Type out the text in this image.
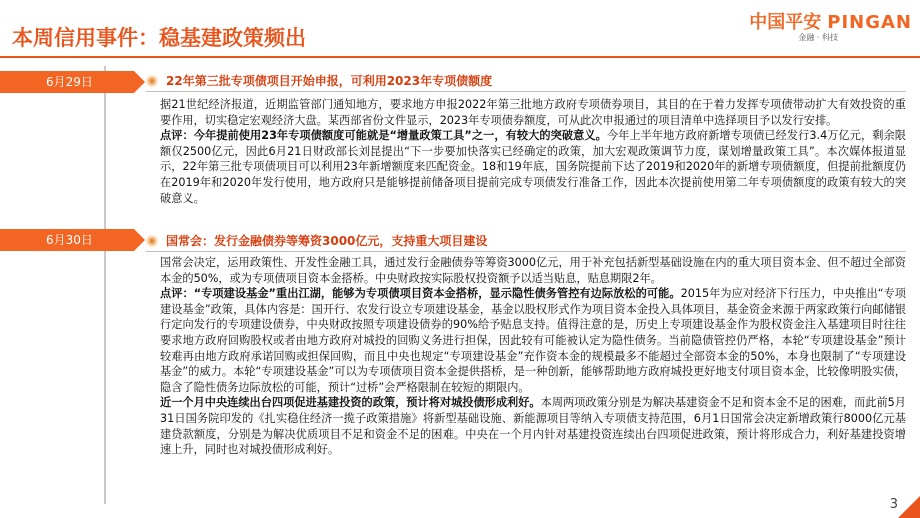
本周信用事件：稳基建政策频出
中国平安 PINGAN
金融 · 科技
6月29日
6月30日
22年第三批专项债项目开始申报，可利用2023年专项债额度

据21世纪经济报道，近期监管部门通知地方，要求地方申报2022年第三批地方政府专项债券项目，其目的在于着力发挥专项债带动扩大有效投资的重要作用，切实稳定宏观经济大盘。某西部省份文件显示，2023年专项债券额度，可从此次申报通过的项目清单中选择项目予以发行安排。

点评：今年提前使用23年专项债额度可能就是“增量政策工具”之一，有较大的突破意义。今年上半年地方政府新增专项债已经发行3.4万亿元，剩余限额仅2500亿元，因此6月21日财政部长刘昆提出“下一步要加快落实已经确定的政策，加大宏观政策调节力度，谋划增量政策工具”。本次媒体报道显示，22年第三批专项债项目可以利用23年新增额度来匹配资金。18和19年底，国务院提前下达了2019和2020年的新增专项债额度，但提前批额度仍在2019年和2020年发行使用，地方政府只是能够提前储备项目提前完成专项债发行准备工作，因此本次提前使用第二年专项债额度的政策有较大的突破意义。

国常会：发行金融债券等筹资3000亿元，支持重大项目建设

国常会决定，运用政策性、开发性金融工具，通过发行金融债券等筹资3000亿元，用于补充包括新型基础设施在内的重大项目资本金、但不超过全部资本金的50%，或为专项债项目资本金搭桥。中央财政按实际股权投资额予以适当贴息，贴息期限2年。

点评：“专项建设基金”重出江湖，能够为专项债项目资本金搭桥，显示隐性债务管控有边际放松的可能。2015年为应对经济下行压力，中央推出“专项建设基金”政策，具体内容是：国开行、农发行设立专项建设基金，基金以股权形式作为项目资本金投入具体项目，基金资金来源于两家政策行向邮储银行定向发行的专项建设债券，中央财政按照专项建设债券的90%给予贴息支持。值得注意的是，历史上专项建设基金作为股权资金注入基建项目时往往要求地方政府回购股权或者由地方政府对城投的回购义务进行担保，因此较有可能被认定为隐性债务。当前隐债管控仍严格，本轮“专项建设基金”预计较难再由地方政府承诺回购或担保回购，而且中央也规定“专项建设基金”充作资本金的规模最多不能超过全部资本金的50%，本身也限制了“专项建设基金”的威力。本轮“专项建设基金”可以为专项债项目资本金提供搭桥，是一种创新，能够帮助地方政府城投更好地支付项目资本金，比较像明股实债，隐含了隐性债务边际放松的可能，预计“过桥”会严格限制在较短的期限内。

近一个月中央连续出台四项促进基建投资的政策，预计将对城投债形成利好。本周两项政策分别是为解决基建资金不足和资本金不足的困难，而此前5月31日国务院印发的《扎实稳住经济一揽子政策措施》将新型基础设施、新能源项目等纳入专项债支持范围，6月1日国常会决定新增政策行8000亿元基建贷款额度，分别是为解决优质项目不足和资金不足的困难。中央在一个月内针对基建投资连续出台四项促进政策，预计将形成合力，利好基建投资增速上升，同时也对城投债形成利好。

3
